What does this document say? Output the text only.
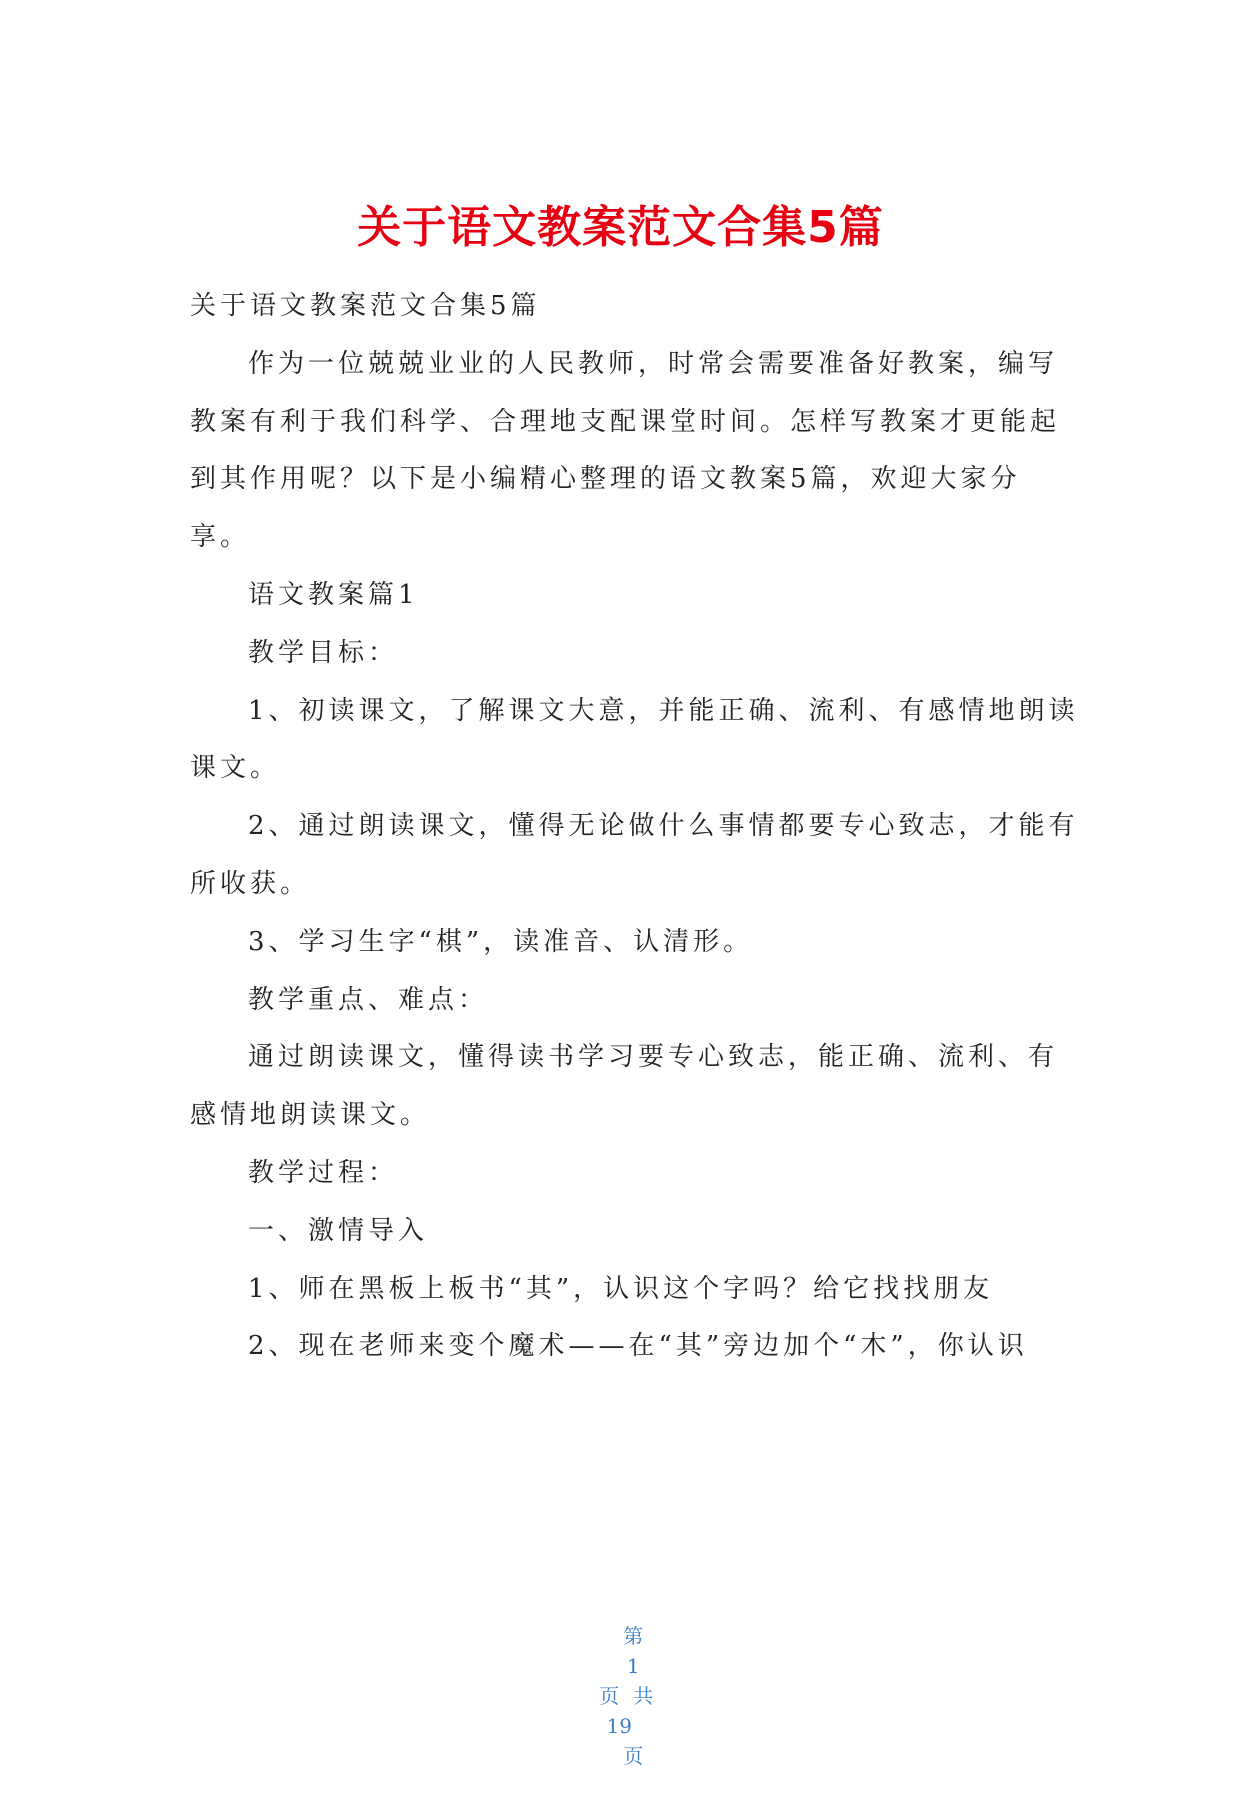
关于语文教案范文合集5篇
关于语文教案范文合集5篇
作为一位兢兢业业的人民教师，时常会需要准备好教案，编写
教案有利于我们科学、合理地支配课堂时间。怎样写教案才更能起
到其作用呢？以下是小编精心整理的语文教案5篇，欢迎大家分
享。
语文教案篇1
教学目标：
1、初读课文，了解课文大意，并能正确、流利、有感情地朗读
课文。
2、通过朗读课文，懂得无论做什么事情都要专心致志，才能有
所收获。
3、学习生字“棋”，读准音、认清形。
教学重点、难点：
通过朗读课文，懂得读书学习要专心致志，能正确、流利、有
感情地朗读课文。
教学过程：
一、激情导入
1、师在黑板上板书“其”，认识这个字吗？给它找找朋友
2、现在老师来变个魔术——在“其”旁边加个“木”，你认识

第
1
页共
19
页
